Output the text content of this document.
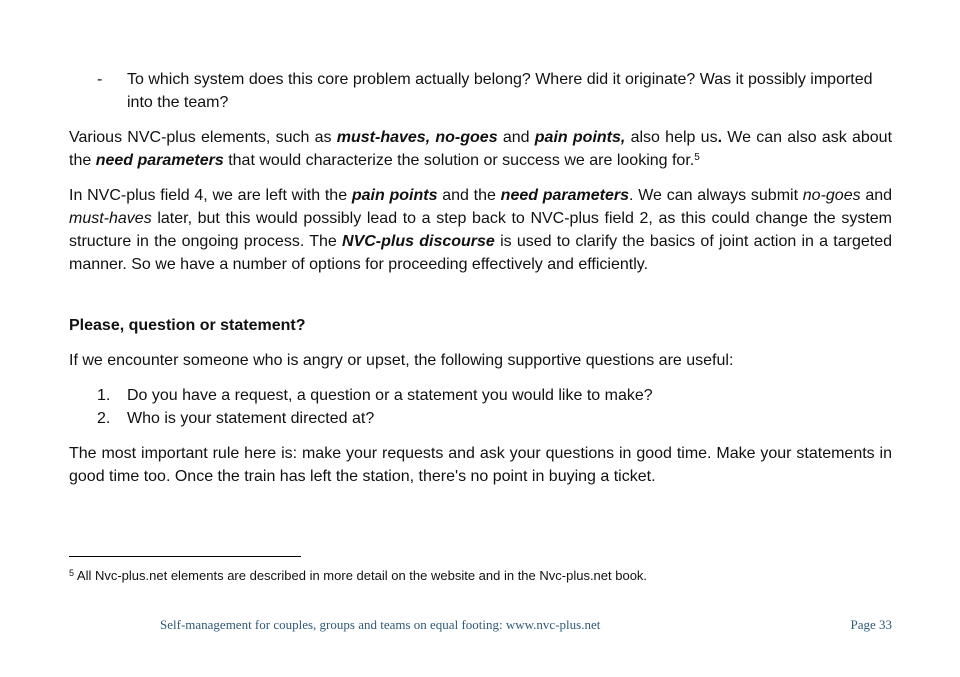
- To which system does this core problem actually belong? Where did it originate? Was it possibly imported into the team?

Various NVC-plus elements, such as must-haves, no-goes and pain points, also help us. We can also ask about the need parameters that would characterize the solution or success we are looking for.$^5$

In NVC-plus field 4, we are left with the pain points and the need parameters. We can always submit no-goes and must-haves later, but this would possibly lead to a step back to NVC-plus field 2, as this could change the system structure in the ongoing process. The NVC-plus discourse is used to clarify the basics of joint action in a targeted manner. So we have a number of options for proceeding effectively and efficiently.

Please, question or statement?

If we encounter someone who is angry or upset, the following supportive questions are useful:

1. Do you have a request, a question or a statement you would like to make?
2. Who is your statement directed at?

The most important rule here is: make your requests and ask your questions in good time. Make your statements in good time too. Once the train has left the station, there's no point in buying a ticket.

$^5$ All Nvc-plus.net elements are described in more detail on the website and in the Nvc-plus.net book.
Self-management for couples, groups and teams on equal footing: www.nvc-plus.net	Page 33
